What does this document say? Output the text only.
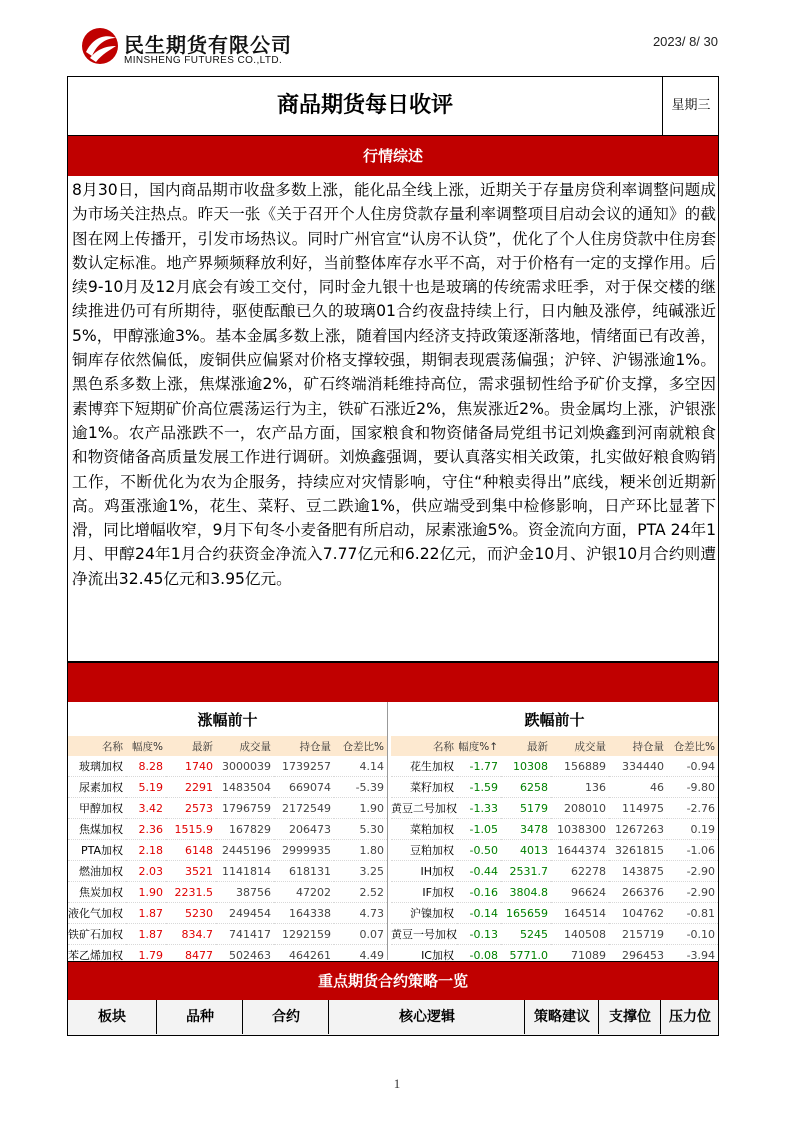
民生期货有限公司
MINSHENG FUTURES CO.,LTD.
2023/ 8/ 30
商品期货每日收评	星期三
行情综述
8月30日，国内商品期市收盘多数上涨，能化品全线上涨，近期关于存量房贷利率调整问题成为市场关注热点。昨天一张《关于召开个人住房贷款存量利率调整项目启动会议的通知》的截图在网上传播开，引发市场热议。同时广州官宣“认房不认贷”，优化了个人住房贷款中住房套数认定标准。地产界频频释放利好，当前整体库存水平不高，对于价格有一定的支撑作用。后续9-10月及12月底会有竣工交付，同时金九银十也是玻璃的传统需求旺季，对于保交楼的继续推进仍可有所期待，驱使酝酿已久的玻璃01合约夜盘持续上行，日内触及涨停，纯碱涨近5%，甲醇涨逾3%。基本金属多数上涨，随着国内经济支持政策逐渐落地，情绪面已有改善，铜库存依然偏低，废铜供应偏紧对价格支撑较强，期铜表现震荡偏强；沪锌、沪锡涨逾1%。黑色系多数上涨，焦煤涨逾2%，矿石终端消耗维持高位，需求强韧性给予矿价支撑，多空因素博弈下短期矿价高位震荡运行为主，铁矿石涨近2%，焦炭涨近2%。贵金属均上涨，沪银涨逾1%。农产品涨跌不一，农产品方面，国家粮食和物资储备局党组书记刘焕鑫到河南就粮食和物资储备高质量发展工作进行调研。刘焕鑫强调，要认真落实相关政策，扎实做好粮食购销工作，不断优化为农为企服务，持续应对灾情影响，守住“种粮卖得出”底线，粳米创近期新高。鸡蛋涨逾1%，花生、菜籽、豆二跌逾1%，供应端受到集中检修影响，日产环比显著下滑，同比增幅收窄，9月下旬冬小麦备肥有所启动，尿素涨逾5%。资金流向方面，PTA 24年1月、甲醇24年1月合约获资金净流入7.77亿元和6.22亿元，而沪金10月、沪银10月合约则遭净流出32.45亿元和3.95亿元。
涨幅前十					
名称	幅度%	最新	成交量	持仓量	仓差比%
玻璃加权	8.28	1740	3000039	1739257	4.14
尿素加权	5.19	2291	1483504	669074	-5.39
甲醇加权	3.42	2573	1796759	2172549	1.90
焦煤加权	2.36	1515.9	167829	206473	5.30
PTA加权	2.18	6148	2445196	2999935	1.80
燃油加权	2.03	3521	1141814	618131	3.25
焦炭加权	1.90	2231.5	38756	47202	2.52
液化气加权	1.87	5230	249454	164338	4.73
铁矿石加权	1.87	834.7	741417	1292159	0.07
苯乙烯加权	1.79	8477	502463	464261	4.49
跌幅前十					
名称	幅度%↑	最新	成交量	持仓量	仓差比%
花生加权	-1.77	10308	156889	334440	-0.94
菜籽加权	-1.59	6258	136	46	-9.80
黄豆二号加权	-1.33	5179	208010	114975	-2.76
菜粕加权	-1.05	3478	1038300	1267263	0.19
豆粕加权	-0.50	4013	1644374	3261815	-1.06
IH加权	-0.44	2531.7	62278	143875	-2.90
IF加权	-0.16	3804.8	96624	266376	-2.90
沪镍加权	-0.14	165659	164514	104762	-0.81
黄豆一号加权	-0.13	5245	140508	215719	-0.10
IC加权	-0.08	5771.0	71089	296453	-3.94
重点期货合约策略一览
板块	品种	合约	核心逻辑	策略建议	支撑位	压力位
1
